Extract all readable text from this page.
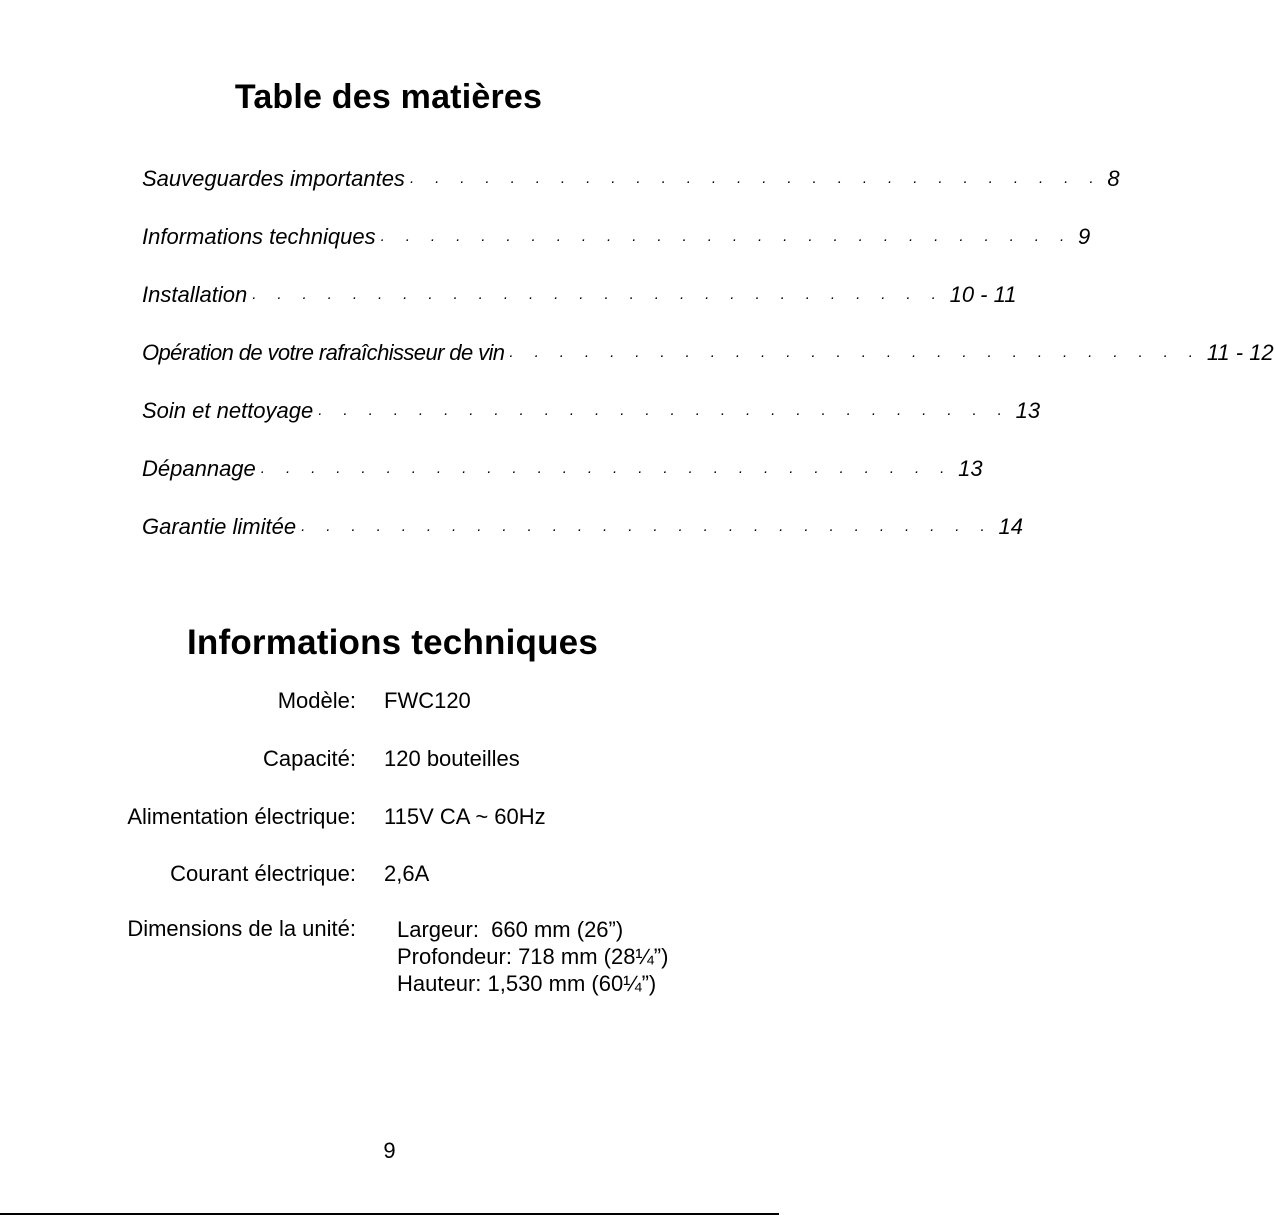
Table des matières
Sauveguardes importantes · · · · · · · · · · · · · · · · · · · · · · · · · · · · 8
Informations techniques · · · · · · · · · · · · · · · · · · · · · · · · · · · · 9
Installation · · · · · · · · · · · · · · · · · · · · · · · · · · · · 10 - 11
Opération de votre rafraîchisseur de vin · · · · · · · · · · · · · · · · · · · · · · · · · · · · 11 - 12
Soin et nettoyage · · · · · · · · · · · · · · · · · · · · · · · · · · · · 13
Dépannage · · · · · · · · · · · · · · · · · · · · · · · · · · · · 13
Garantie limitée · · · · · · · · · · · · · · · · · · · · · · · · · · · · 14
Informations techniques
Modèle: FWC120
Capacité: 120 bouteilles
Alimentation électrique: 115V CA ~ 60Hz
Courant électrique: 2,6A
Dimensions de la unité: Largeur:  660 mm (26”)
Profondeur: 718 mm (28¼”)
Hauteur: 1,530 mm (60¼”)
9
